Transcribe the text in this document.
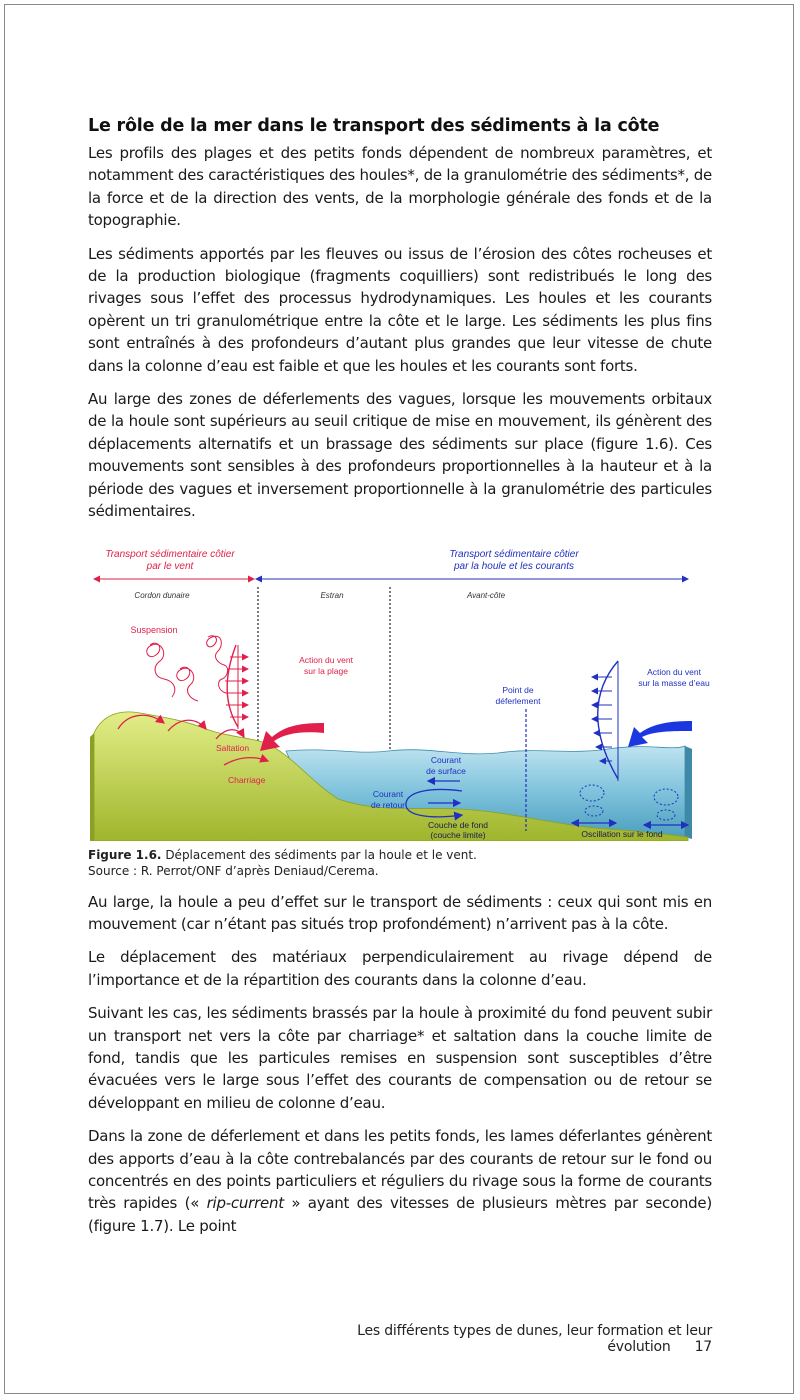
Le rôle de la mer dans le transport des sédiments à la côte

Les profils des plages et des petits fonds dépendent de nombreux paramètres, et notamment des caractéristiques des houles*, de la granulométrie des sédiments*, de la force et de la direction des vents, de la morphologie générale des fonds et de la topographie.

Les sédiments apportés par les fleuves ou issus de l’érosion des côtes rocheuses et de la production biologique (fragments coquilliers) sont redistribués le long des rivages sous l’effet des processus hydrodynamiques. Les houles et les courants opèrent un tri granulométrique entre la côte et le large. Les sédiments les plus fins sont entraînés à des profondeurs d’autant plus grandes que leur vitesse de chute dans la colonne d’eau est faible et que les houles et les courants sont forts.

Au large des zones de déferlements des vagues, lorsque les mouvements orbitaux de la houle sont supérieurs au seuil critique de mise en mouvement, ils génèrent des déplacements alternatifs et un brassage des sédiments sur place (figure 1.6). Ces mouvements sont sensibles à des profondeurs proportionnelles à la hauteur et à la période des vagues et inversement proportionnelle à la granulométrie des particules sédimentaires.

Transport sédimentaire côtier
par le vent
Transport sédimentaire côtier
par la houle et les courants
Cordon dunaire	Estran	Avant-côte
Suspension
Action du vent
sur la plage
Saltation
Charriage
Point de
déferlement
Action du vent
sur la masse d’eau
Courant
de surface
Courant
de retour
Couche de fond
(couche limite)	Oscillation sur le fond
Figure 1.6. Déplacement des sédiments par la houle et le vent.
Source : R. Perrot/ONF d’après Deniaud/Cerema.

Au large, la houle a peu d’effet sur le transport de sédiments : ceux qui sont mis en mouvement (car n’étant pas situés trop profondément) n’arrivent pas à la côte.

Le déplacement des matériaux perpendiculairement au rivage dépend de l’importance et de la répartition des courants dans la colonne d’eau.

Suivant les cas, les sédiments brassés par la houle à proximité du fond peuvent subir un transport net vers la côte par charriage* et saltation dans la couche limite de fond, tandis que les particules remises en suspension sont susceptibles d’être évacuées vers le large sous l’effet des courants de compensation ou de retour se développant en milieu de colonne d’eau.

Dans la zone de déferlement et dans les petits fonds, les lames déferlantes génèrent des apports d’eau à la côte contrebalancés par des courants de retour sur le fond ou concentrés en des points particuliers et réguliers du rivage sous la forme de courants très rapides (« rip-current » ayant des vitesses de plusieurs mètres par seconde) (figure 1.7). Le point

Les différents types de dunes, leur formation et leur évolution 17
